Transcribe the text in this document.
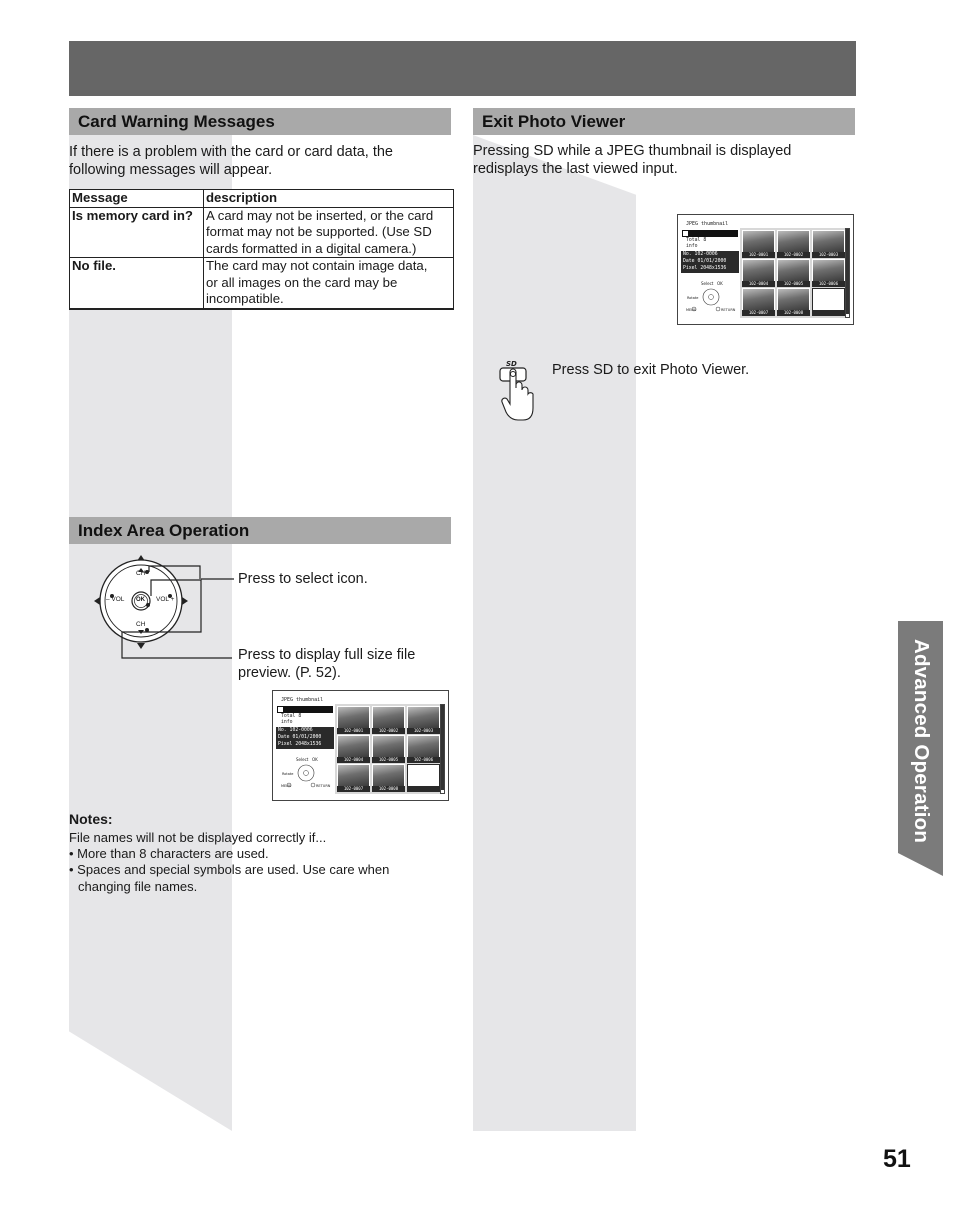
Card Warning Messages
If there is a problem with the card or card data, the
following messages will appear.
Message	description
Is memory card in?	A card may not be inserted, or the card
format may not be supported. (Use SD
cards formatted in a digital camera.)

No file.	The card may not contain image data,
or all images on the card may be
incompatible.
Index Area Operation
CH
CH
– VOL	VOL +
OK
Press to select icon.
Press to display full size file
preview. (P. 52).
JPEG thumbnail
Total 8
info
No. 102-0006
Date 01/01/2000
Pixel 2048x1536
Select OK
Rotate
MENU	RETURN
102-0001	102-0002	102-0003
102-0004	102-0005	102-0006
102-0007	102-0008
Notes:
File names will not be displayed correctly if...
• More than 8 characters are used.
• Spaces and special symbols are used. Use care when
changing file names.
Exit Photo Viewer
Pressing SD while a JPEG thumbnail is displayed
redisplays the last viewed input.
JPEG thumbnail
Total 8
info
No. 102-0006
Date 01/01/2000
Pixel 2048x1536
Select OK
Rotate
MENU	RETURN
102-0001	102-0002	102-0003
102-0004	102-0005	102-0006
102-0007	102-0008
SD Press SD to exit Photo Viewer.
Advanced Operation
51
